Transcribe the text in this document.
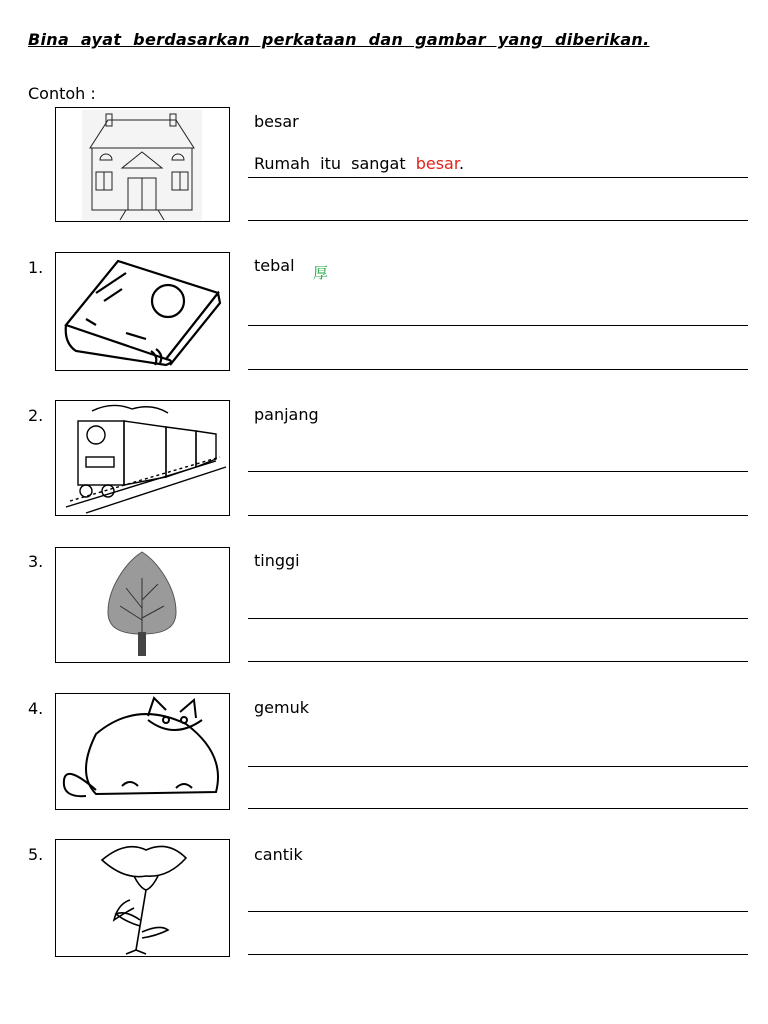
Bina ayat berdasarkan perkataan dan gambar yang diberikan.
Contoh :
besar
Rumah itu sangat besar.
1.	tebal 厚
2.	panjang
3.	tinggi
4.	gemuk
5.	cantik
